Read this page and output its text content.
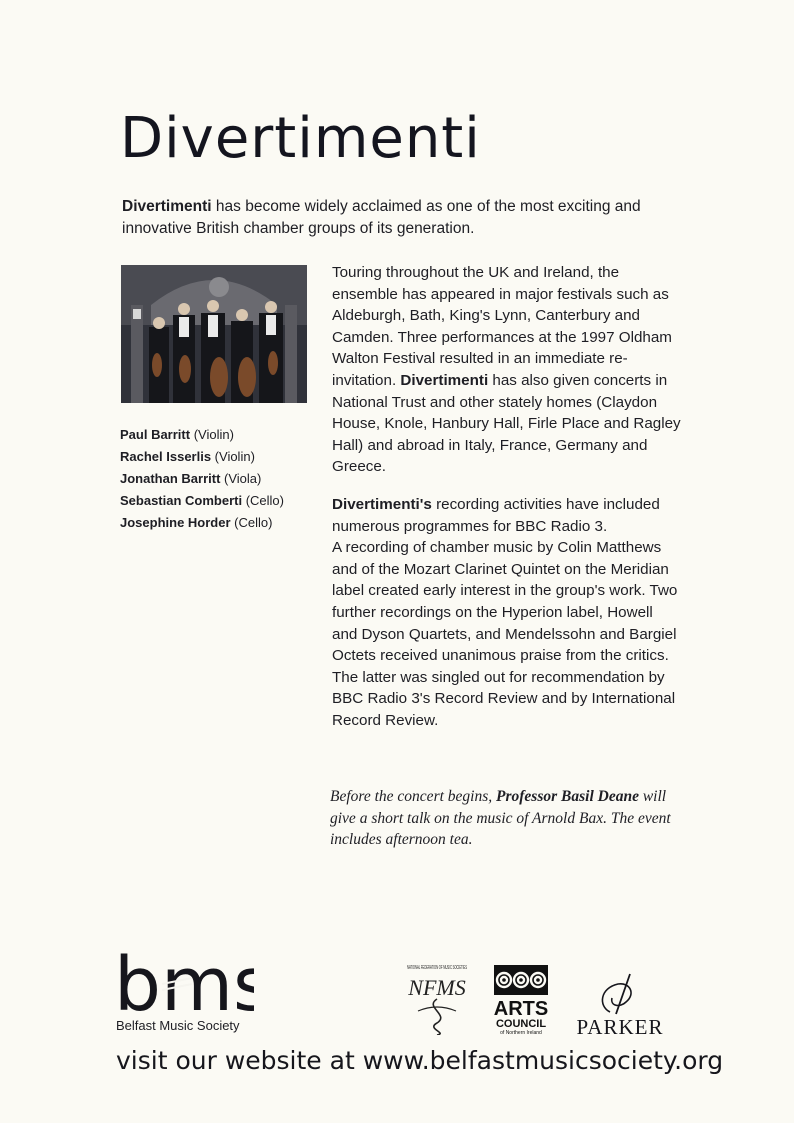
Divertimenti
Divertimenti has become widely acclaimed as one of the most exciting and innovative British chamber groups of its generation.
Paul Barritt (Violin)
Rachel Isserlis (Violin)
Jonathan Barritt (Viola)
Sebastian Comberti (Cello)
Josephine Horder (Cello)

Touring throughout the UK and Ireland, the ensemble has appeared in major festivals such as Aldeburgh, Bath, King's Lynn, Canterbury and Camden. Three performances at the 1997 Oldham Walton Festival resulted in an immediate re-invitation. Divertimenti has also given concerts in National Trust and other stately homes (Claydon House, Knole, Hanbury Hall, Firle Place and Ragley Hall) and abroad in Italy, France, Germany and Greece.

Divertimenti's recording activities have included numerous programmes for BBC Radio 3.

A recording of chamber music by Colin Matthews and of the Mozart Clarinet Quintet on the Meridian label created early interest in the group's work. Two further recordings on the Hyperion label, Howell and Dyson Quartets, and Mendelssohn and Bargiel Octets received unanimous praise from the critics. The latter was singled out for recommendation by BBC Radio 3's Record Review and by International Record Review.

Before the concert begins, Professor Basil Deane will give a short talk on the music of Arnold Bax. The event includes afternoon tea.
bms
Belfast Music Society
NATIONAL FEDERATION OF MUSIC SOCIETIES
NFMS
ARTS
COUNCIL
of Northern Ireland PARKER
visit our website at www.belfastmusicsociety.org
